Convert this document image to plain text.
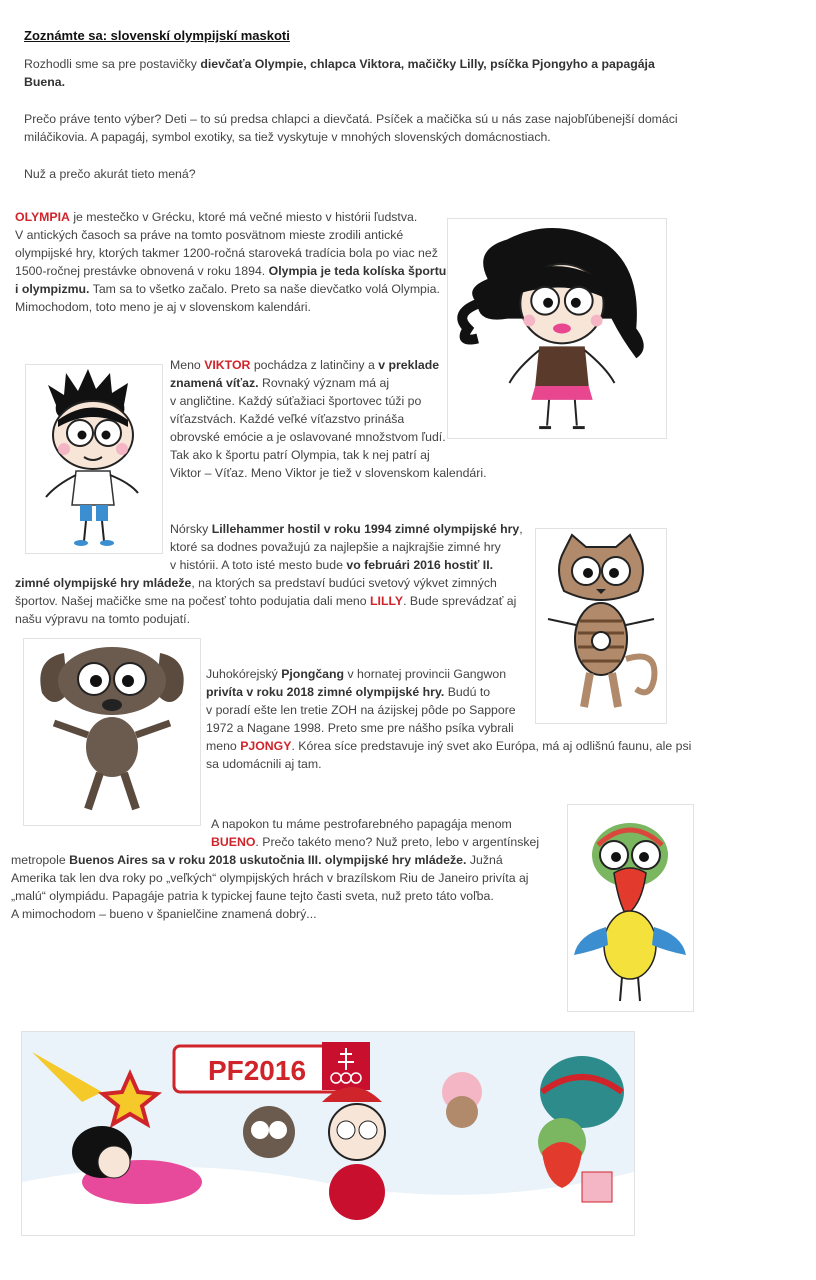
Zoznámte sa: slovenskí olympijskí maskoti
Rozhodli sme sa pre postavičky dievčaťa Olympie, chlapca Viktora, mačičky Lilly, psíčka Pjongyho a papagája
Buena.
Prečo práve tento výber? Deti – to sú predsa chlapci a dievčatá. Psíček a mačička sú u nás zase najobľúbenejší domáci
miláčikovia. A papagáj, symbol exotiky, sa tiež vyskytuje v mnohých slovenských domácnostiach.
Nuž a prečo akurát tieto mená?
OLYMPIA je mestečko v Grécku, ktoré má večné miesto v histórii ľudstva.
V antických časoch sa práve na tomto posvätnom mieste zrodili antické
olympijské hry, ktorých takmer 1200-ročná staroveká tradícia bola po viac než
1500-ročnej prestávke obnovená v roku 1894. Olympia je teda kolíska športu
i olympizmu. Tam sa to všetko začalo. Preto sa naše dievčatko volá Olympia.
Mimochodom, toto meno je aj v slovenskom kalendári.
Meno VIKTOR pochádza z latinčiny a v preklade
znamená víťaz. Rovnaký význam má aj
v angličtine. Každý súťažiaci športovec túži po
víťazstvách. Každé veľké víťazstvo prináša
obrovské emócie a je oslavované množstvom ľudí.
Tak ako k športu patrí Olympia, tak k nej patrí aj
Viktor – Víťaz. Meno Viktor je tiež v slovenskom kalendári.
Nórsky Lillehammer hostil v roku 1994 zimné olympijské hry,
ktoré sa dodnes považujú za najlepšie a najkrajšie zimné hry
v histórii. A toto isté mesto bude vo februári 2016 hostiť II.
zimné olympijské hry mládeže, na ktorých sa predstaví budúci svetový výkvet zimných
športov. Našej mačičke sme na počesť tohto podujatia dali meno LILLY. Bude sprevádzať aj
našu výpravu na tomto podujatí.
Juhokórejský Pjongčang v hornatej provincii Gangwon
privíta v roku 2018 zimné olympijské hry. Budú to
v poradí ešte len tretie ZOH na ázijskej pôde po Sappore
1972 a Nagane 1998. Preto sme pre nášho psíka vybrali
meno PJONGY. Kórea síce predstavuje iný svet ako Európa, má aj odlišnú faunu, ale psi
sa udomácnili aj tam.
A napokon tu máme pestrofarebného papagája menom
BUENO. Prečo takéto meno? Nuž preto, lebo v argentínskej
metropole Buenos Aires sa v roku 2018 uskutočnia III. olympijské hry mládeže. Južná
Amerika tak len dva roky po „veľkých“ olympijských hrách v brazílskom Riu de Janeiro privíta aj
„malú“ olympiádu. Papagáje patria k typickej faune tejto časti sveta, nuž preto táto voľba.
A mimochodom – bueno v španielčine znamená dobrý...
PF2016
